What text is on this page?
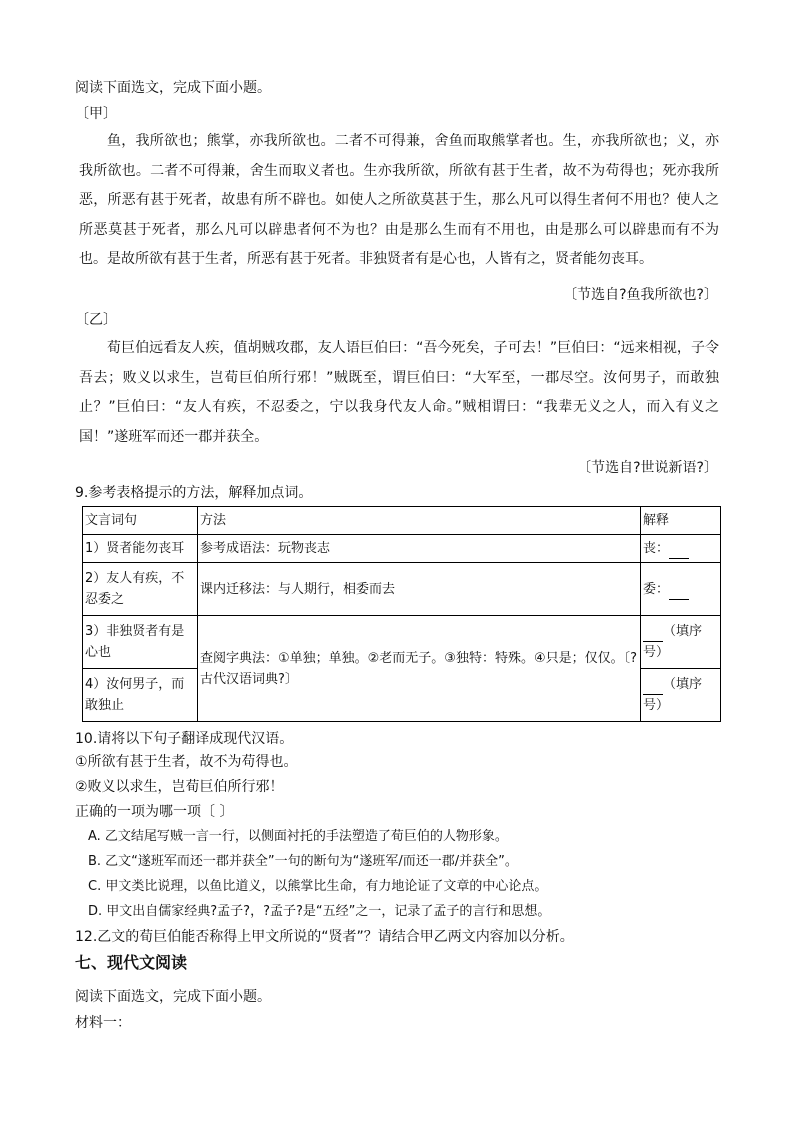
阅读下面选文，完成下面小题。
〔甲〕

鱼，我所欲也；熊掌，亦我所欲也。二者不可得兼，舍鱼而取熊掌者也。生，亦我所欲也；义，亦我所欲也。二者不可得兼，舍生而取义者也。生亦我所欲，所欲有甚于生者，故不为苟得也；死亦我所恶，所恶有甚于死者，故患有所不辟也。如使人之所欲莫甚于生，那么凡可以得生者何不用也？使人之所恶莫甚于死者，那么凡可以辟患者何不为也？由是那么生而有不用也，由是那么可以辟患而有不为也。是故所欲有甚于生者，所恶有甚于死者。非独贤者有是心也，人皆有之，贤者能勿丧耳。

〔节选自?鱼我所欲也?〕
〔乙〕

荀巨伯远看友人疾，值胡贼攻郡，友人语巨伯曰：“吾今死矣，子可去！”巨伯曰：“远来相视，子令吾去；败义以求生，岂荀巨伯所行邪！”贼既至，谓巨伯曰：“大军至，一郡尽空。汝何男子，而敢独止？”巨伯曰：“友人有疾，不忍委之，宁以我身代友人命。”贼相谓曰：“我辈无义之人，而入有义之国！”遂班军而还一郡并获全。

〔节选自?世说新语?〕
9.参考表格提示的方法，解释加点词。
文言词句	方法	解释
1）贤者能勿丧耳	参考成语法：玩物丧志	丧：
2）友人有疾，不忍委之	课内迁移法：与人期行，相委而去	委：
3）非独贤者有是心也	查阅字典法：①单独；单独。②老而无子。③独特：特殊。④只是；仅仅。〔?古代汉语词典?〕	（填序号）
4）汝何男子，而敢独止		（填序号）
10.请将以下句子翻译成现代汉语。
①所欲有甚于生者，故不为苟得也。
②败义以求生，岂荀巨伯所行邪！
正确的一项为哪一项〔 〕
A. 乙文结尾写贼一言一行，以侧面衬托的手法塑造了荀巨伯的人物形象。
B. 乙文“遂班军而还一郡并获全”一句的断句为“遂班军/而还一郡/并获全”。
C. 甲文类比说理，以鱼比道义，以熊掌比生命，有力地论证了文章的中心论点。
D. 甲文出自儒家经典?孟子?，?孟子?是“五经”之一，记录了孟子的言行和思想。
12.乙文的荀巨伯能否称得上甲文所说的“贤者”？请结合甲乙两文内容加以分析。
七、现代文阅读
阅读下面选文，完成下面小题。
材料一：
